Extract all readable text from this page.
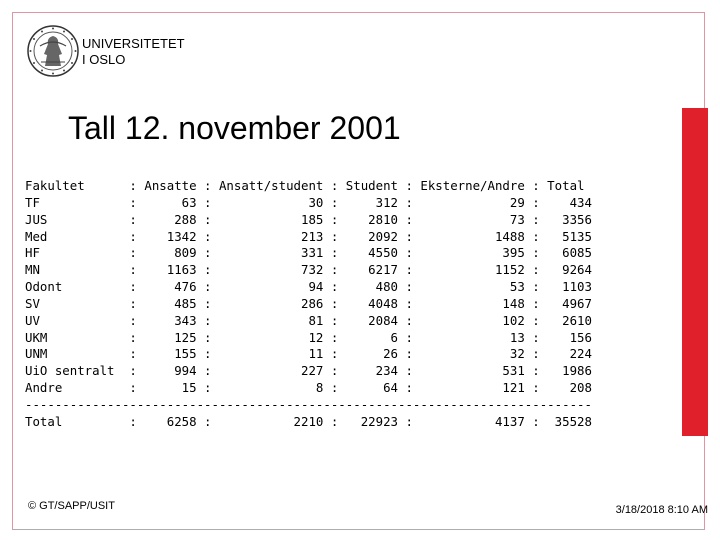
UNIVERSITETET
I OSLO
Tall 12. november 2001
Fakultet      : Ansatte : Ansatt/student : Student : Eksterne/Andre : Total
TF            :      63 :             30 :     312 :             29 :    434
JUS           :     288 :            185 :    2810 :             73 :   3356
Med           :    1342 :            213 :    2092 :           1488 :   5135
HF            :     809 :            331 :    4550 :            395 :   6085
MN            :    1163 :            732 :    6217 :           1152 :   9264
Odont         :     476 :             94 :     480 :             53 :   1103
SV            :     485 :            286 :    4048 :            148 :   4967
UV            :     343 :             81 :    2084 :            102 :   2610
UKM           :     125 :             12 :       6 :             13 :    156
UNM           :     155 :             11 :      26 :             32 :    224
UiO sentralt  :     994 :            227 :     234 :            531 :   1986
Andre         :      15 :              8 :      64 :            121 :    208
----------------------------------------------------------------------------
Total         :    6258 :           2210 :   22923 :           4137 :  35528
© GT/SAPP/USIT	3/18/2018 8:10 AM
